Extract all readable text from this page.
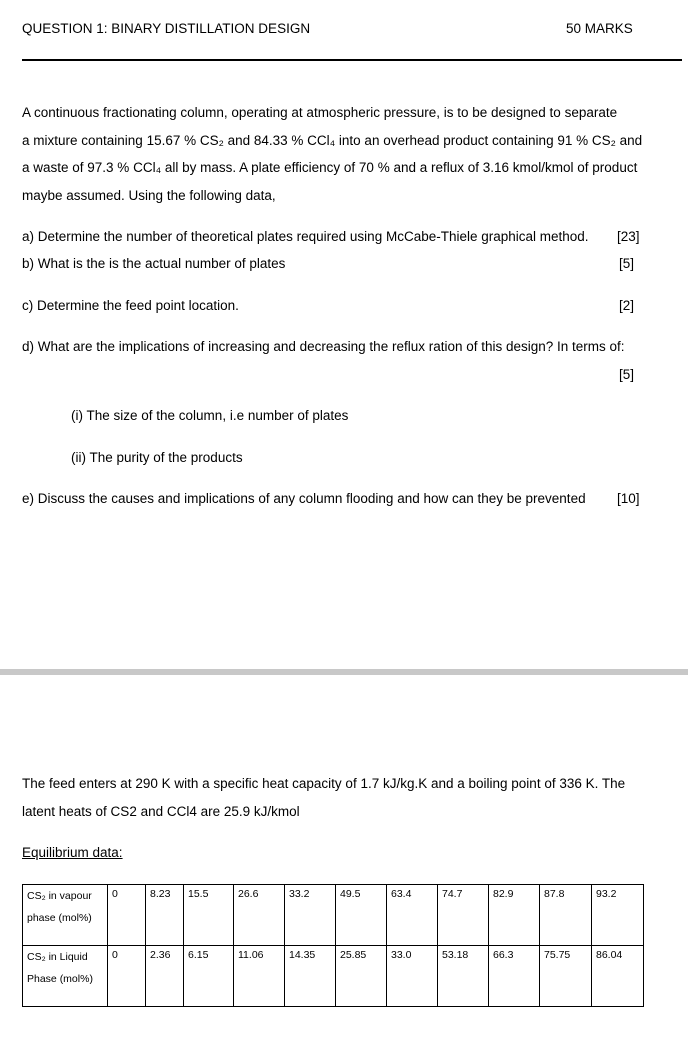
QUESTION 1: BINARY DISTILLATION DESIGN	50 MARKS
A continuous fractionating column, operating at atmospheric pressure, is to be designed to separate
a mixture containing 15.67 % CS₂ and 84.33 % CCl₄ into an overhead product containing 91 % CS₂ and
a waste of 97.3 % CCl₄ all by mass. A plate efficiency of 70 % and a reflux of 3.16 kmol/kmol of product
maybe assumed. Using the following data,
a) Determine the number of theoretical plates required using McCabe-Thiele graphical method. [23]
b) What is the is the actual number of plates	[5]
c) Determine the feed point location.	[2]
d) What are the implications of increasing and decreasing the reflux ration of this design? In terms of:
[5]
(i) The size of the column, i.e number of plates
(ii) The purity of the products
e) Discuss the causes and implications of any column flooding and how can they be prevented [10]
The feed enters at 290 K with a specific heat capacity of 1.7 kJ/kg.K and a boiling point of 336 K. The
latent heats of CS2 and CCl4 are 25.9 kJ/kmol
Equilibrium data:
CS₂ in vapour
phase (mol%)	0	8.23	15.5	26.6	33.2	49.5	63.4	74.7	82.9	87.8	93.2

CS₂ in Liquid
Phase (mol%)	0	2.36	6.15	11.06	14.35	25.85	33.0	53.18	66.3	75.75	86.04
